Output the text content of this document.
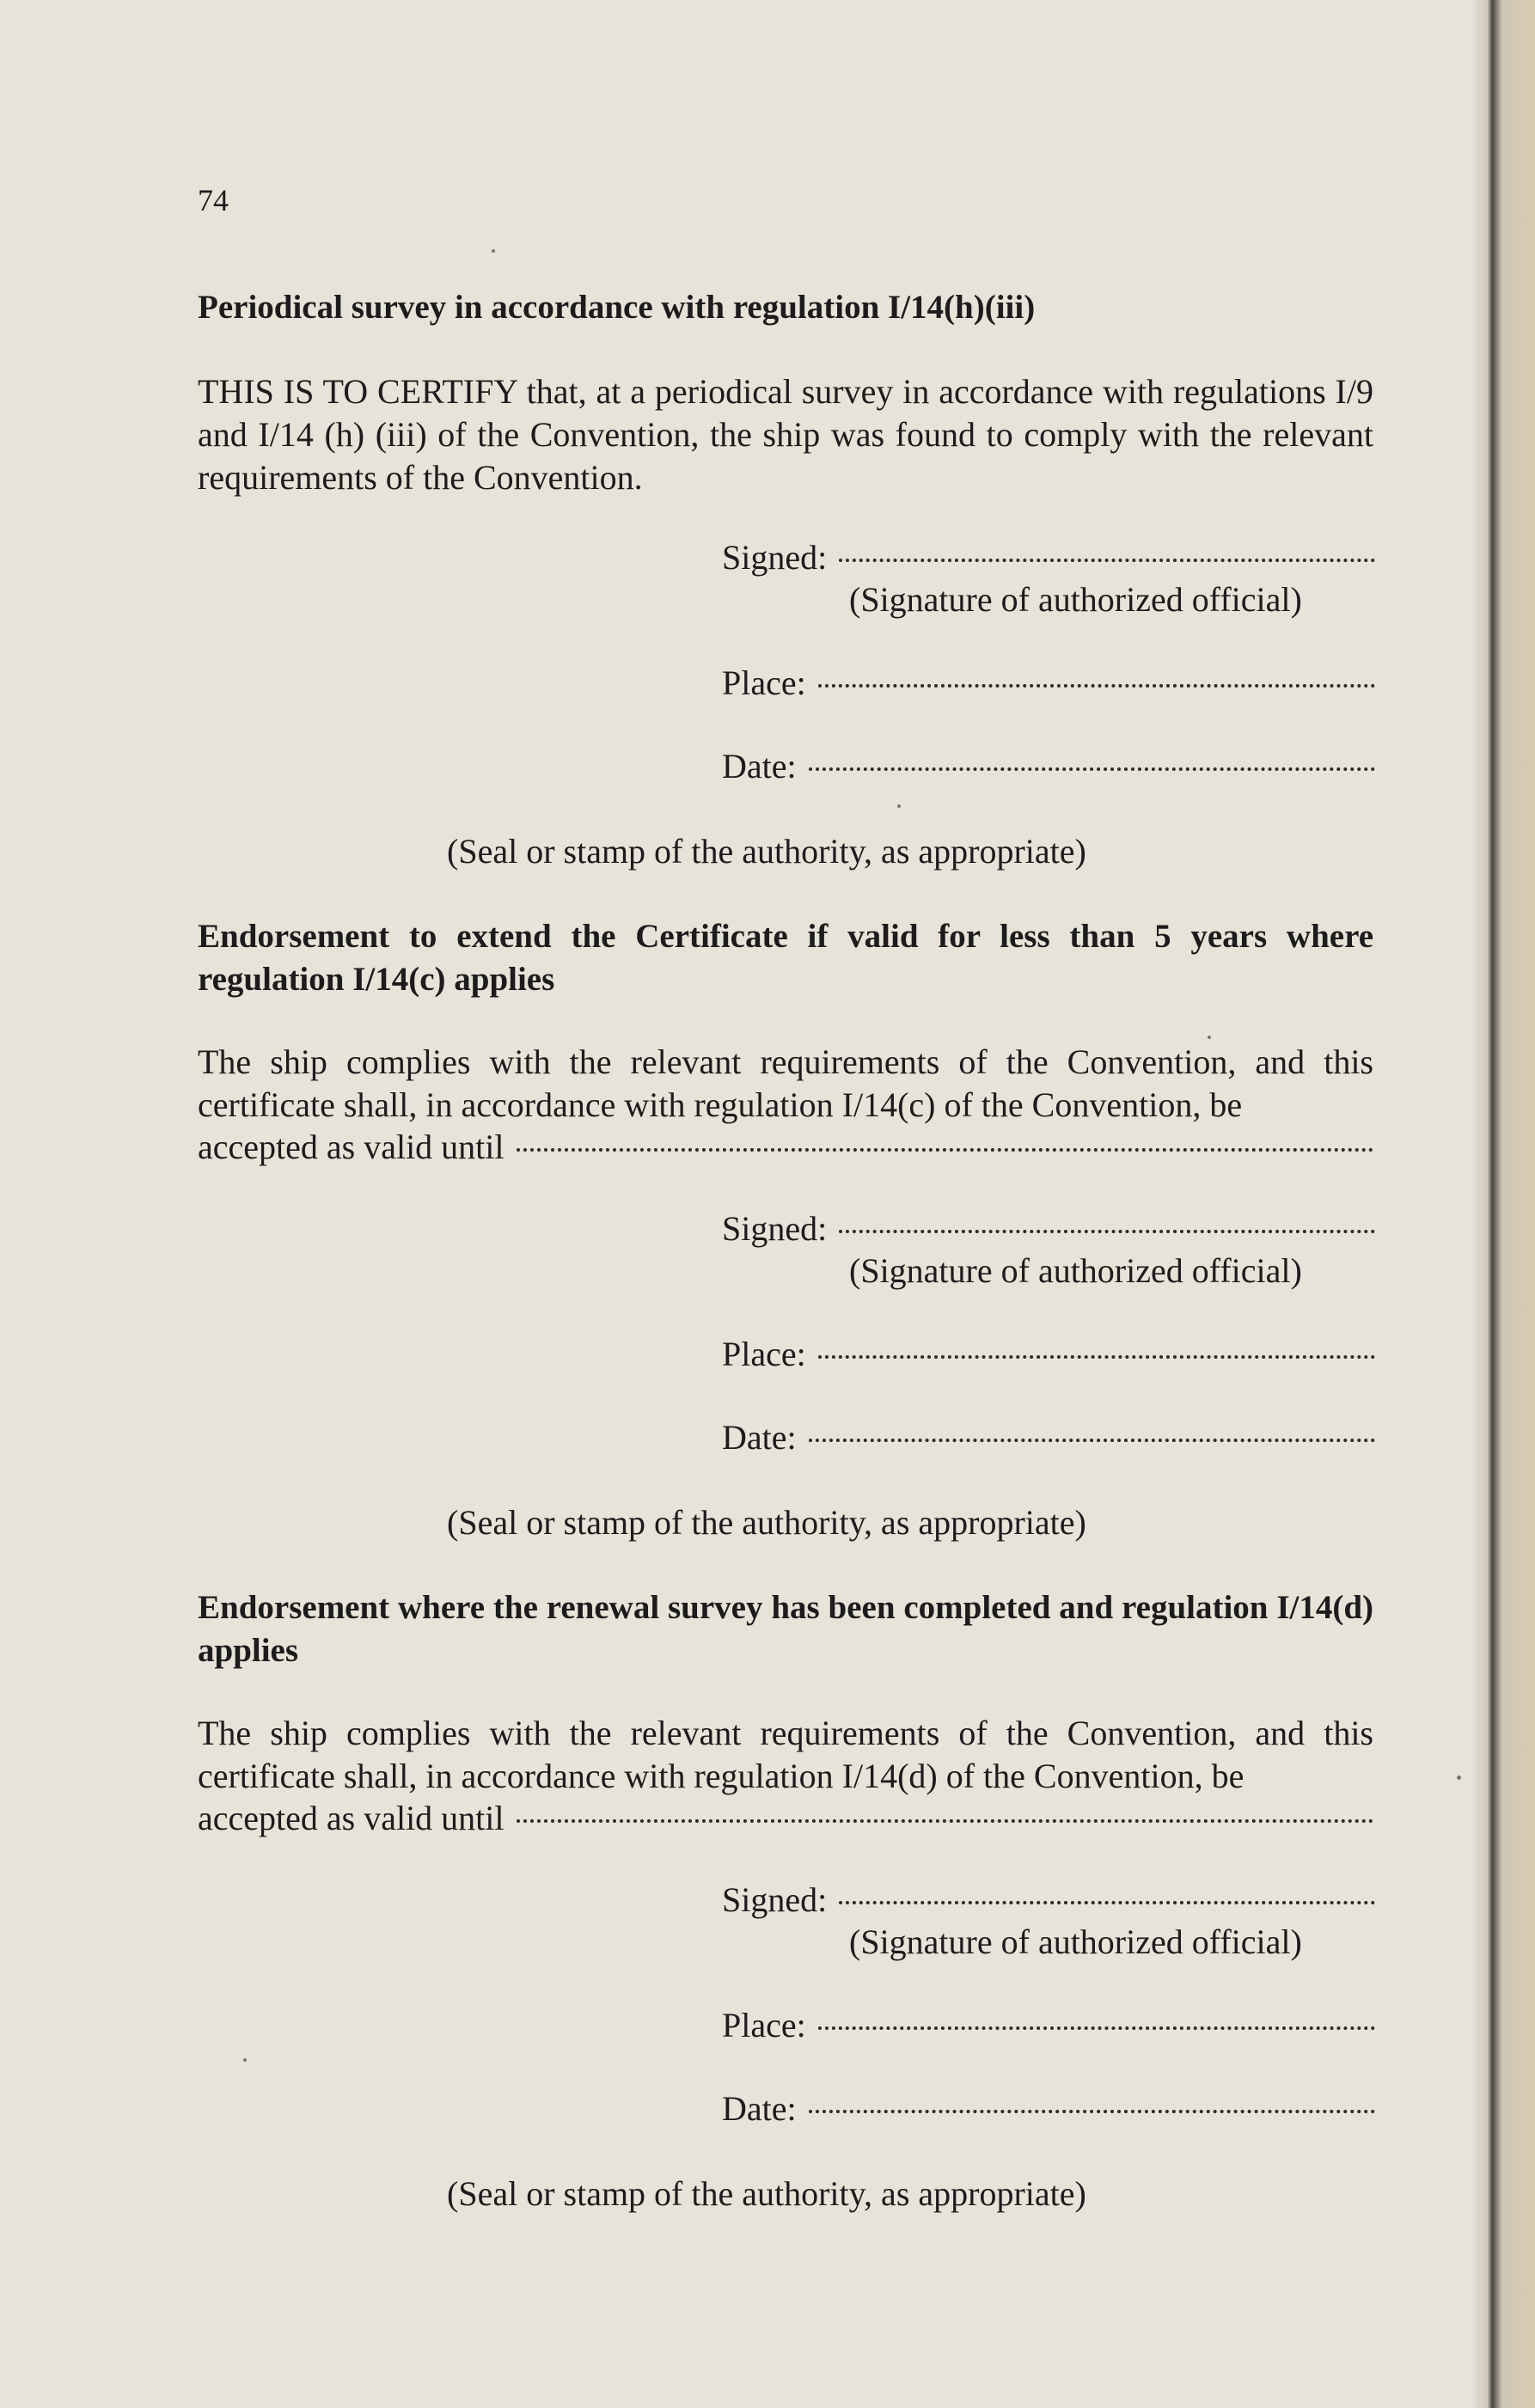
74
Periodical survey in accordance with regulation I/14(h)(iii)
THIS IS TO CERTIFY that, at a periodical survey in accordance with regulations I/9 and I/14 (h) (iii) of the Convention, the ship was found to comply with the relevant requirements of the Convention.
Signed:
(Signature of authorized official)
Place:
Date:
(Seal or stamp of the authority, as appropriate)
Endorsement to extend the Certificate if valid for less than 5 years where regulation I/14(c) applies
The ship complies with the relevant requirements of the Convention, and this certificate shall, in accordance with regulation I/14(c) of the Convention, be
accepted as valid until
Signed:
(Signature of authorized official)
Place:
Date:
(Seal or stamp of the authority, as appropriate)
Endorsement where the renewal survey has been completed and regulation I/14(d) applies
The ship complies with the relevant requirements of the Convention, and this certificate shall, in accordance with regulation I/14(d) of the Convention, be
accepted as valid until
Signed:
(Signature of authorized official)
Place:
Date:
(Seal or stamp of the authority, as appropriate)
